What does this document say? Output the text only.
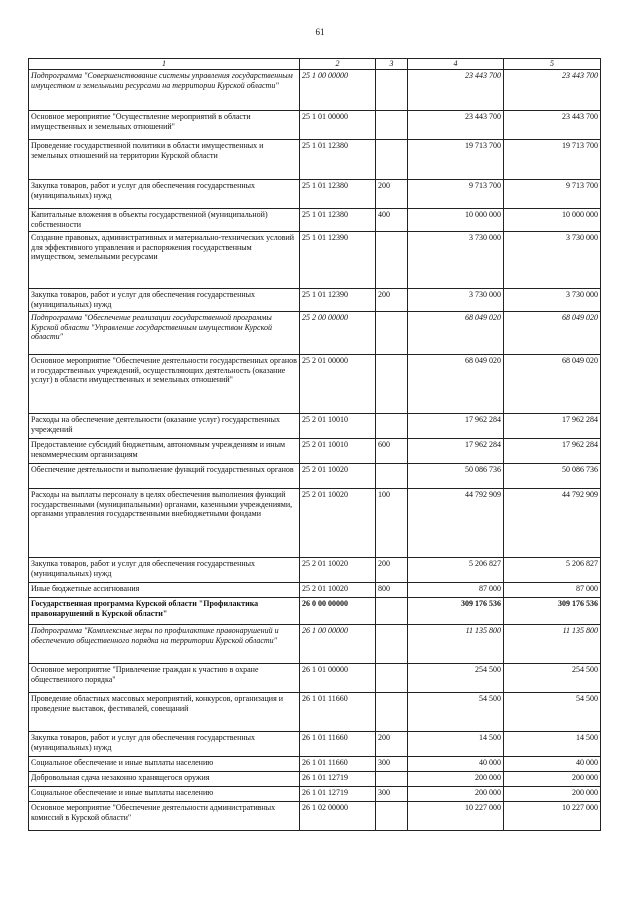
61
1	2	3	4	5
Подпрограмма "Совершенствование системы управления государственным имуществом и земельными ресурсами на территории Курской области"	25 1 00 00000		23 443 700	23 443 700
Основное мероприятие "Осуществление мероприятий в области имущественных и земельных отношений"	25 1 01 00000		23 443 700	23 443 700
Проведение государственной политики в области имущественных и земельных отношений на территории Курской области	25 1 01 12380		19 713 700	19 713 700
Закупка товаров, работ и услуг для обеспечения государственных (муниципальных) нужд	25 1 01 12380	200	9 713 700	9 713 700
Капитальные вложения в объекты государственной (муниципальной) собственности	25 1 01 12380	400	10 000 000	10 000 000
Создание правовых, административных и материально-технических условий для эффективного управления и распоряжения государственным имуществом, земельными ресурсами	25 1 01 12390		3 730 000	3 730 000
Закупка товаров, работ и услуг для обеспечения государственных (муниципальных) нужд	25 1 01 12390	200	3 730 000	3 730 000
Подпрограмма "Обеспечение реализации государственной программы Курской области "Управление государственным имуществом Курской области"	25 2 00 00000		68 049 020	68 049 020
Основное мероприятие "Обеспечение деятельности государственных органов и государственных учреждений, осуществляющих деятельность (оказание услуг) в области имущественных и земельных отношений"	25 2 01 00000		68 049 020	68 049 020
Расходы на обеспечение деятельности (оказание услуг) государственных учреждений	25 2 01 10010		17 962 284	17 962 284
Предоставление субсидий бюджетным, автономным учреждениям и иным некоммерческим организациям	25 2 01 10010	600	17 962 284	17 962 284
Обеспечение деятельности и выполнение функций государственных органов	25 2 01 10020		50 086 736	50 086 736
Расходы на выплаты персоналу в целях обеспечения выполнения функций государственными (муниципальными) органами, казенными учреждениями, органами управления государственными внебюджетными фондами	25 2 01 10020	100	44 792 909	44 792 909
Закупка товаров, работ и услуг для обеспечения государственных (муниципальных) нужд	25 2 01 10020	200	5 206 827	5 206 827
Иные бюджетные ассигнования	25 2 01 10020	800	87 000	87 000
Государственная программа Курской области "Профилактика правонарушений в Курской области"	26 0 00 00000		309 176 536	309 176 536
Подпрограмма "Комплексные меры по профилактике правонарушений и обеспечению общественного порядка на территории Курской области"	26 1 00 00000		11 135 800	11 135 800
Основное мероприятие "Привлечение граждан к участию в охране общественного порядка"	26 1 01 00000		254 500	254 500
Проведение областных массовых мероприятий, конкурсов, организация и проведение выставок, фестивалей, совещаний	26 1 01 11660		54 500	54 500
Закупка товаров, работ и услуг для обеспечения государственных (муниципальных) нужд	26 1 01 11660	200	14 500	14 500
Социальное обеспечение и иные выплаты населению	26 1 01 11660	300	40 000	40 000
Добровольная сдача незаконно хранящегося оружия	26 1 01 12719		200 000	200 000
Социальное обеспечение и иные выплаты населению	26 1 01 12719	300	200 000	200 000
Основное мероприятие "Обеспечение деятельности административных комиссий в Курской области"	26 1 02 00000		10 227 000	10 227 000
